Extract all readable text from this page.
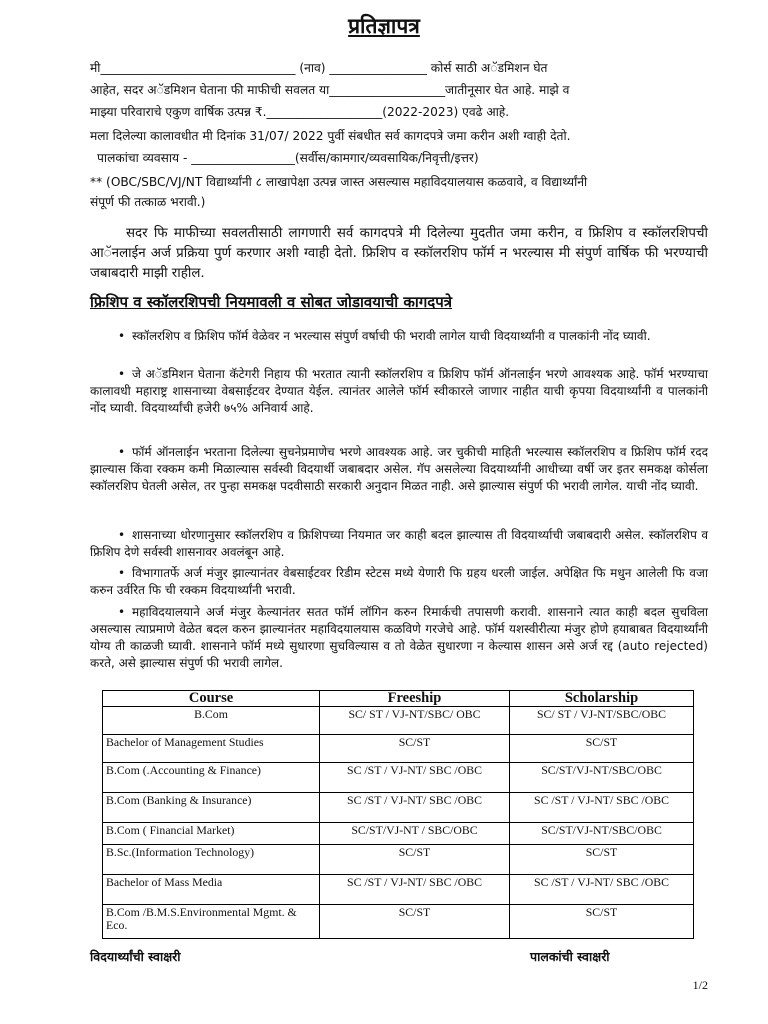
प्रतिज्ञापत्र
मी________________________________ (नाव) ________________ कोर्स साठी अॅडमिशन घेत
आहेत, सदर अॅडमिशन घेताना फी माफीची सवलत या___________________जातीनूसार घेत आहे. माझे व
माझ्या परिवाराचे एकुण वार्षिक उत्पन्न ₹.___________________(2022-2023) एवढे आहे.
मला दिलेल्या कालावधीत मी दिनांक 31/07/ 2022 पुर्वी संबधीत सर्व कागदपत्रे जमा करीन अशी ग्वाही देतो.
पालकांचा व्यवसाय - _________________(सर्वीस/कामगार/व्यवसायिक/निवृत्ती/इत्तर)
** (OBC/SBC/VJ/NT विद्यार्थ्यांनी ८ लाखापेक्षा उत्पन्न जास्त असल्यास महाविदयालयास कळवावे, व विद्यार्थ्यांनी
संपूर्ण फी तत्काळ भरावी.)
सदर फि माफीच्या सवलतीसाठी लागणारी सर्व कागदपत्रे मी दिलेल्या मुदतीत जमा करीन, व फ्रिशिप व स्कॉलरशिपची आॅनलाईन अर्ज प्रक्रिया पुर्ण करणार अशी ग्वाही देतो. फ्रिशिप व स्कॉलरशिप फॉर्म न भरल्यास मी संपुर्ण वार्षिक फी भरण्याची जबाबदारी माझी राहील.
फ्रिशिप व स्कॉलरशिपची नियमावली व सोबत जोडावयाची कागदपत्रे
• स्कॉलरशिप व फ्रिशिप फॉर्म वेळेवर न भरल्यास संपुर्ण वर्षाची फी भरावी लागेल याची विदयार्थ्यांनी व पालकांनी नोंद घ्यावी.
• जे अॅडमिशन घेताना कॅटेगरी निहाय फी भरतात त्यानी स्कॉलरशिप व फ्रिशिप फॉर्म ऑनलाईन भरणे आवश्यक आहे. फॉर्म भरण्याचा कालावधी महाराष्ट्र शासनाच्या वेबसाईटवर देण्यात येईल. त्यानंतर आलेले फॉर्म स्वीकारले जाणार नाहीत याची कृपया विदयार्थ्यांनी व पालकांनी नोंद घ्यावी. विदयार्थ्यांची हजेरी ७५% अनिवार्य आहे.
• फॉर्म ऑनलाईन भरताना दिलेल्या सुचनेप्रमाणेच भरणे आवश्यक आहे. जर चुकीची माहिती भरल्यास स्कॉलरशिप व फ्रिशिप फॉर्म रदद झाल्यास किंवा रक्कम कमी मिळाल्यास सर्वस्वी विदयार्थी जबाबदार असेल. गॅप असलेल्या विदयार्थ्यांनी आधीच्या वर्षी जर इतर समकक्ष कोर्सला स्कॉलरशिप घेतली असेल, तर पुन्हा समकक्ष पदवीसाठी सरकारी अनुदान मिळत नाही. असे झाल्यास संपुर्ण फी भरावी लागेल. याची नोंद घ्यावी.
• शासनाच्या धोरणानुसार स्कॉलरशिप व फ्रिशिपच्या नियमात जर काही बदल झाल्यास ती विदयार्थ्याची जबाबदारी असेल. स्कॉलरशिप व फ्रिशिप देणे सर्वस्वी शासनावर अवलंबून आहे.
• विभागातर्फे अर्ज मंजुर झाल्यानंतर वेबसाईटवर रिडीम स्टेटस मध्ये येणारी फि ग्रहय धरली जाईल. अपेक्षित फि मधुन आलेली फि वजा करुन उर्वरित फि ची रक्कम विदयार्थ्यांनी भरावी.
• महाविदयालयाने अर्ज मंजुर केल्यानंतर सतत फॉर्म लॉगिन करुन रिमार्कची तपासणी करावी. शासनाने त्यात काही बदल सुचविला असल्यास त्याप्रमाणे वेळेत बदल करुन झाल्यानंतर महाविदयालयास कळविणे गरजेचे आहे. फॉर्म यशस्वीरीत्या मंजुर होणे हयाबाबत विदयार्थ्यांनी योग्य ती काळजी घ्यावी. शासनाने फॉर्म मध्ये सुधारणा सुचविल्यास व तो वेळेत सुधारणा न केल्यास शासन असे अर्ज रद्द (auto rejected) करते, असे झाल्यास संपुर्ण फी भरावी लागेल.
Course	Freeship	Scholarship
B.Com	SC/ ST / VJ-NT/SBC/ OBC	SC/ ST / VJ-NT/SBC/OBC
Bachelor of Management Studies	SC/ST	SC/ST
B.Com (.Accounting & Finance)	SC /ST / VJ-NT/ SBC /OBC	SC/ST/VJ-NT/SBC/OBC
B.Com (Banking & Insurance)	SC /ST / VJ-NT/ SBC /OBC	SC /ST / VJ-NT/ SBC /OBC
B.Com ( Financial Market)	SC/ST/VJ-NT / SBC/OBC	SC/ST/VJ-NT/SBC/OBC
B.Sc.(Information Technology)	SC/ST	SC/ST
Bachelor of Mass Media	SC /ST / VJ-NT/ SBC /OBC	SC /ST / VJ-NT/ SBC /OBC
B.Com /B.M.S.Environmental Mgmt. & Eco.	SC/ST	SC/ST
विदयार्थ्यांची स्वाक्षरी	पालकांची स्वाक्षरी
1/2
